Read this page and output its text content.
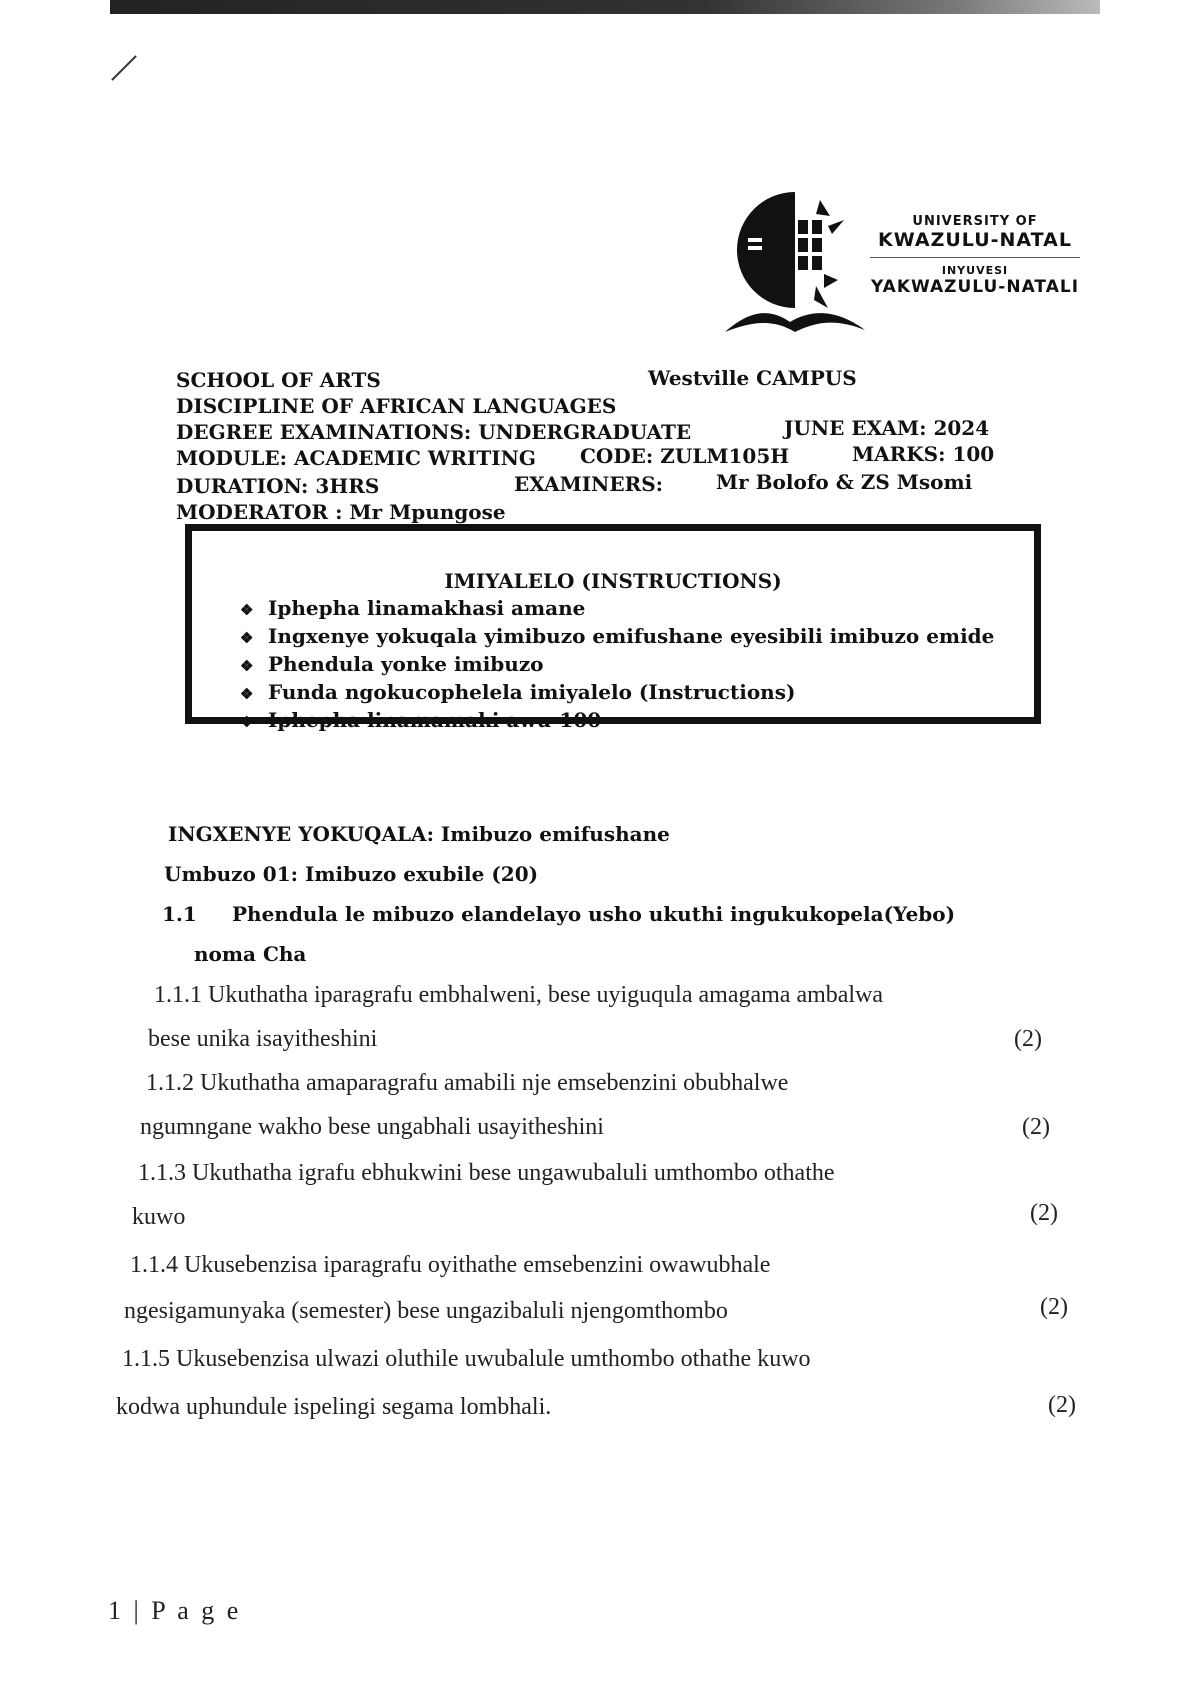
UNIVERSITY OF
KWAZULU-NATAL
INYUVESI
YAKWAZULU-NATALI
SCHOOL OF ARTS	Westville CAMPUS
DISCIPLINE OF AFRICAN LANGUAGES
DEGREE EXAMINATIONS: UNDERGRADUATE	JUNE EXAM: 2024
MODULE: ACADEMIC WRITING CODE: ZULM105H	MARKS: 100
DURATION: 3HRS	EXAMINERS:	Mr Bolofo & ZS Msomi
MODERATOR : Mr Mpungose
IMIYALELO (INSTRUCTIONS)
❖ Iphepha linamakhasi amane
❖ Ingxenye yokuqala yimibuzo emifushane eyesibili imibuzo emide
❖ Phendula yonke imibuzo
❖ Funda ngokucophelela imiyalelo (Instructions)
❖ Iphepha linamamaki awu-100
INGXENYE YOKUQALA: Imibuzo emifushane
Umbuzo 01: Imibuzo exubile (20)
1.1 Phendula le mibuzo elandelayo usho ukuthi ingukukopela(Yebo)
noma Cha
1.1.1 Ukuthatha iparagrafu embhalweni, bese uyiguqula amagama ambalwa
bese unika isayitheshini	(2)
1.1.2 Ukuthatha amaparagrafu amabili nje emsebenzini obubhalwe
ngumngane wakho bese ungabhali usayitheshini	(2)
1.1.3 Ukuthatha igrafu ebhukwini bese ungawubaluli umthombo othathe
kuwo	(2)
1.1.4 Ukusebenzisa iparagrafu oyithathe emsebenzini owawubhale
ngesigamunyaka (semester) bese ungazibaluli njengomthombo	(2)
1.1.5 Ukusebenzisa ulwazi oluthile uwubalule umthombo othathe kuwo
kodwa uphundule ispelingi segama lombhali.	(2)
1 | P a g e
